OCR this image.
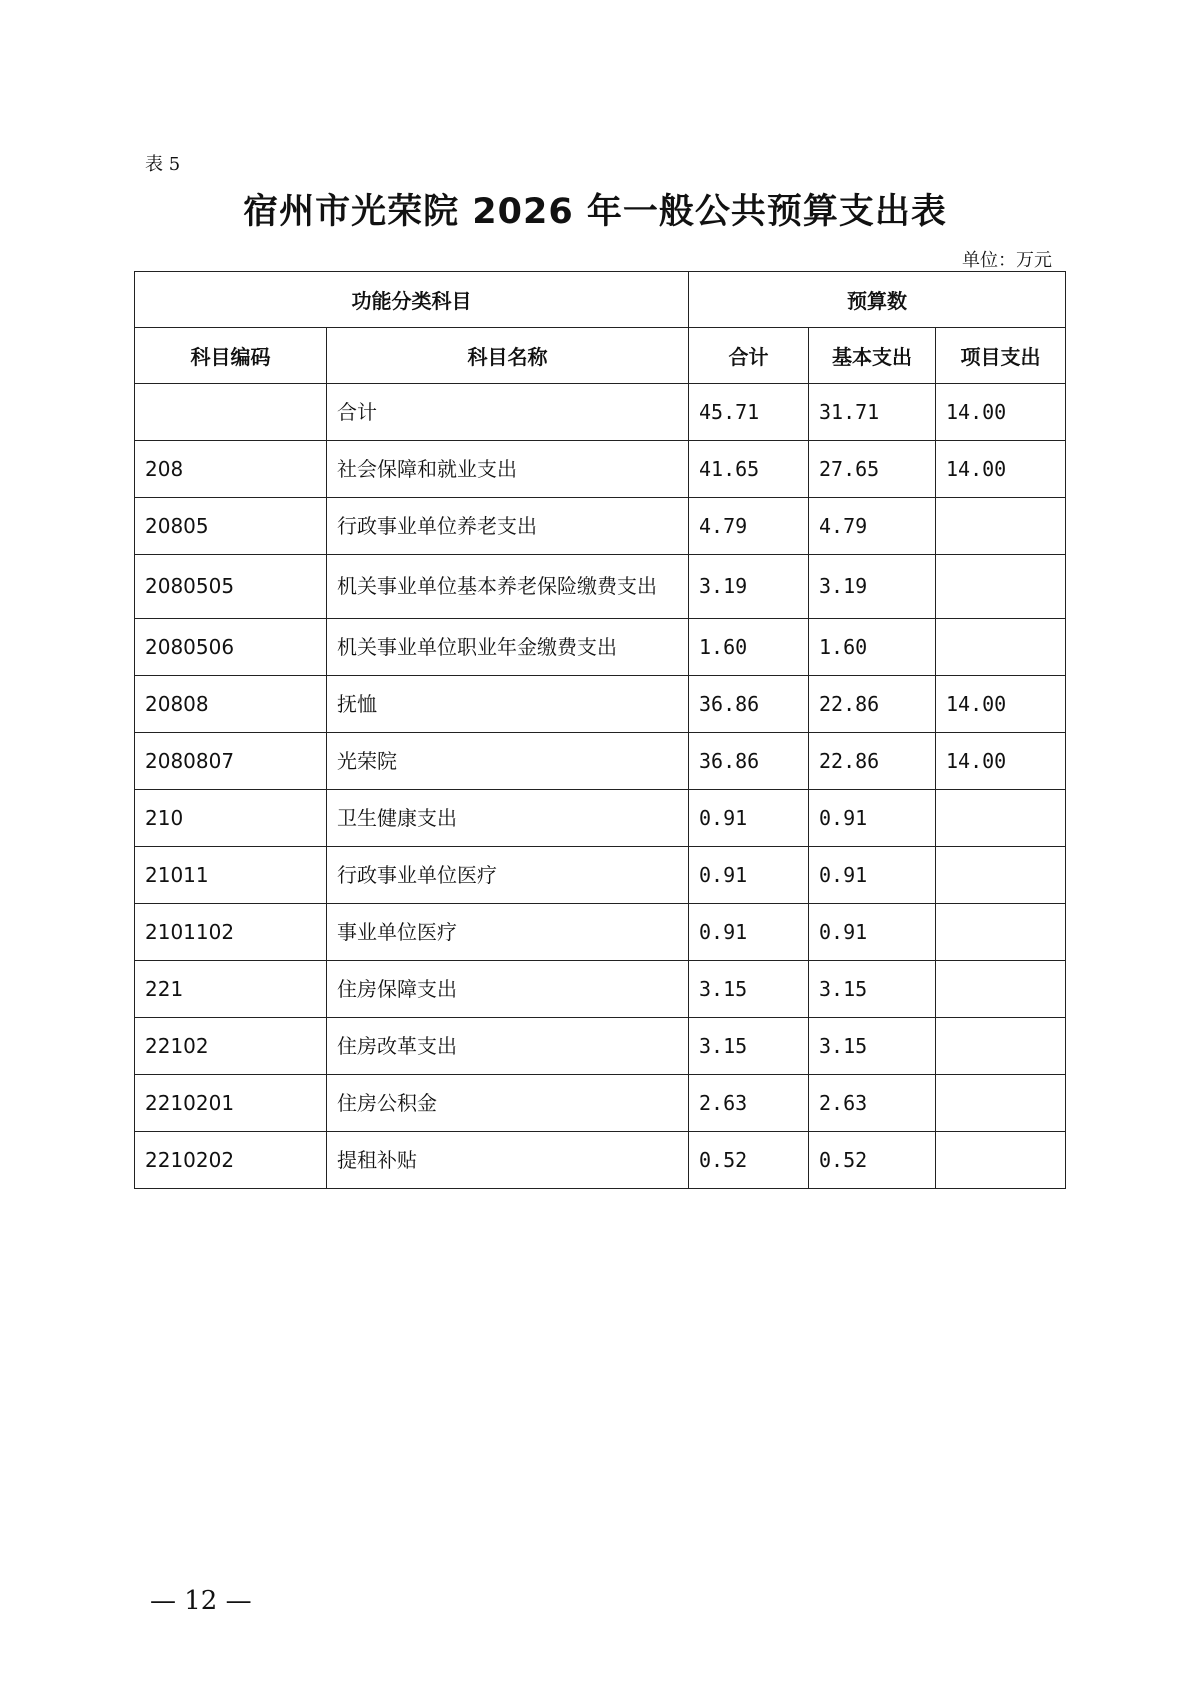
表 5
宿州市光荣院 2026 年一般公共预算支出表
单位：万元
功能分类科目		预算数		
科目编码	科目名称	合计	基本支出	项目支出
	合计	45.71	31.71	14.00
208	社会保障和就业支出	41.65	27.65	14.00
20805	行政事业单位养老支出	4.79	4.79	
2080505	机关事业单位基本养老保险缴费支出	3.19	3.19	
2080506	机关事业单位职业年金缴费支出	1.60	1.60	
20808	抚恤	36.86	22.86	14.00
2080807	光荣院	36.86	22.86	14.00
210	卫生健康支出	0.91	0.91	
21011	行政事业单位医疗	0.91	0.91	
2101102	事业单位医疗	0.91	0.91	
221	住房保障支出	3.15	3.15	
22102	住房改革支出	3.15	3.15	
2210201	住房公积金	2.63	2.63	
2210202	提租补贴	0.52	0.52	
— 12 —
